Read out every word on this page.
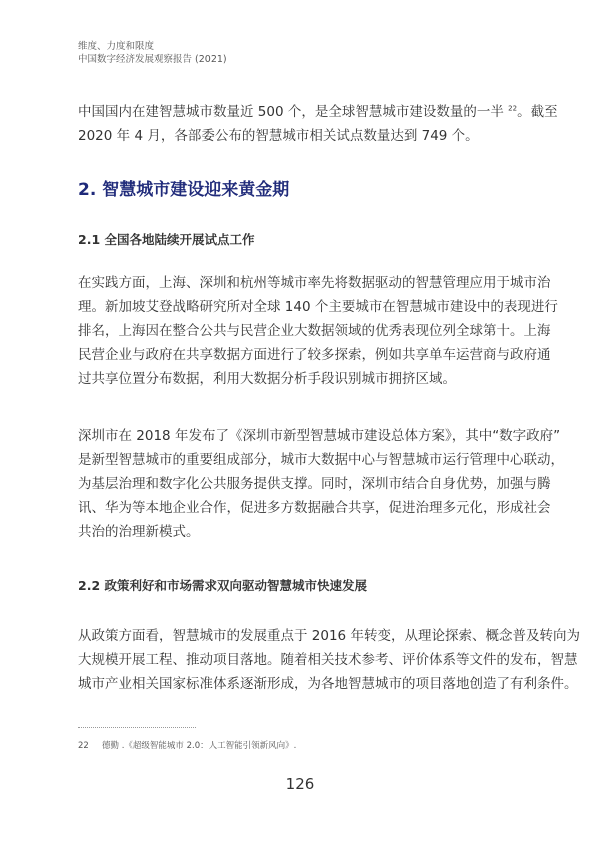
维度、力度和限度
中国数字经济发展观察报告 (2021)

中国国内在建智慧城市数量近 500 个，是全球智慧城市建设数量的一半 $^{22}$。截至
2020 年 4 月，各部委公布的智慧城市相关试点数量达到 749 个。

2. 智慧城市建设迎来黄金期
2.1 全国各地陆续开展试点工作

在实践方面，上海、深圳和杭州等城市率先将数据驱动的智慧管理应用于城市治
理。新加坡艾登战略研究所对全球 140 个主要城市在智慧城市建设中的表现进行
排名，上海因在整合公共与民营企业大数据领域的优秀表现位列全球第十。上海
民营企业与政府在共享数据方面进行了较多探索，例如共享单车运营商与政府通
过共享位置分布数据，利用大数据分析手段识别城市拥挤区域。

深圳市在 2018 年发布了《深圳市新型智慧城市建设总体方案》，其中“数字政府”
是新型智慧城市的重要组成部分，城市大数据中心与智慧城市运行管理中心联动，
为基层治理和数字化公共服务提供支撑。同时，深圳市结合自身优势，加强与腾
讯、华为等本地企业合作，促进多方数据融合共享，促进治理多元化，形成社会
共治的治理新模式。

2.2 政策利好和市场需求双向驱动智慧城市快速发展

从政策方面看，智慧城市的发展重点于 2016 年转变，从理论探索、概念普及转向为
大规模开展工程、推动项目落地。随着相关技术参考、评价体系等文件的发布，智慧
城市产业相关国家标准体系逐渐形成，为各地智慧城市的项目落地创造了有利条件。

22 德勤 .《超级智能城市 2.0：人工智能引领新风向》.
126
